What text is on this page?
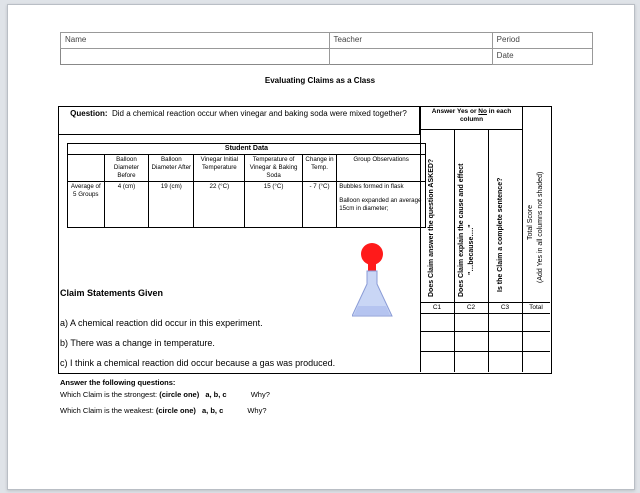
Name	Teacher	Period
		Date
Evaluating Claims as a Class
Question: Did a chemical reaction occur when vinegar and baking soda were mixed together?	Answer Yes or No in each
column
C1	C2	C3	Total
Does Claim answer the question ASKED?	Does Claim explain the cause and effect "…because…."	Is the Claim a complete sentence?	Total Score (Add Yes in all columns not shaded)
Student Data						
	Balloon Diameter Before	Balloon Diameter After	Vinegar Initial Temperature	Temperature of Vinegar & Baking Soda	Change in Temp.	Group Observations
Average of 5 Groups	4 (cm)	19 (cm)	22 (°C)	15 (°C)	- 7 (°C)	Bubbles formed in flask
Balloon expanded an average 15cm in diameter;
Claim Statements Given
a) A chemical reaction did occur in this experiment.
b) There was a change in temperature.
c) I think a chemical reaction did occur because a gas was produced.
Answer the following questions:
Which Claim is the strongest: (circle one) a, b, c	Why?
Which Claim is the weakest: (circle one) a, b, c	Why?
